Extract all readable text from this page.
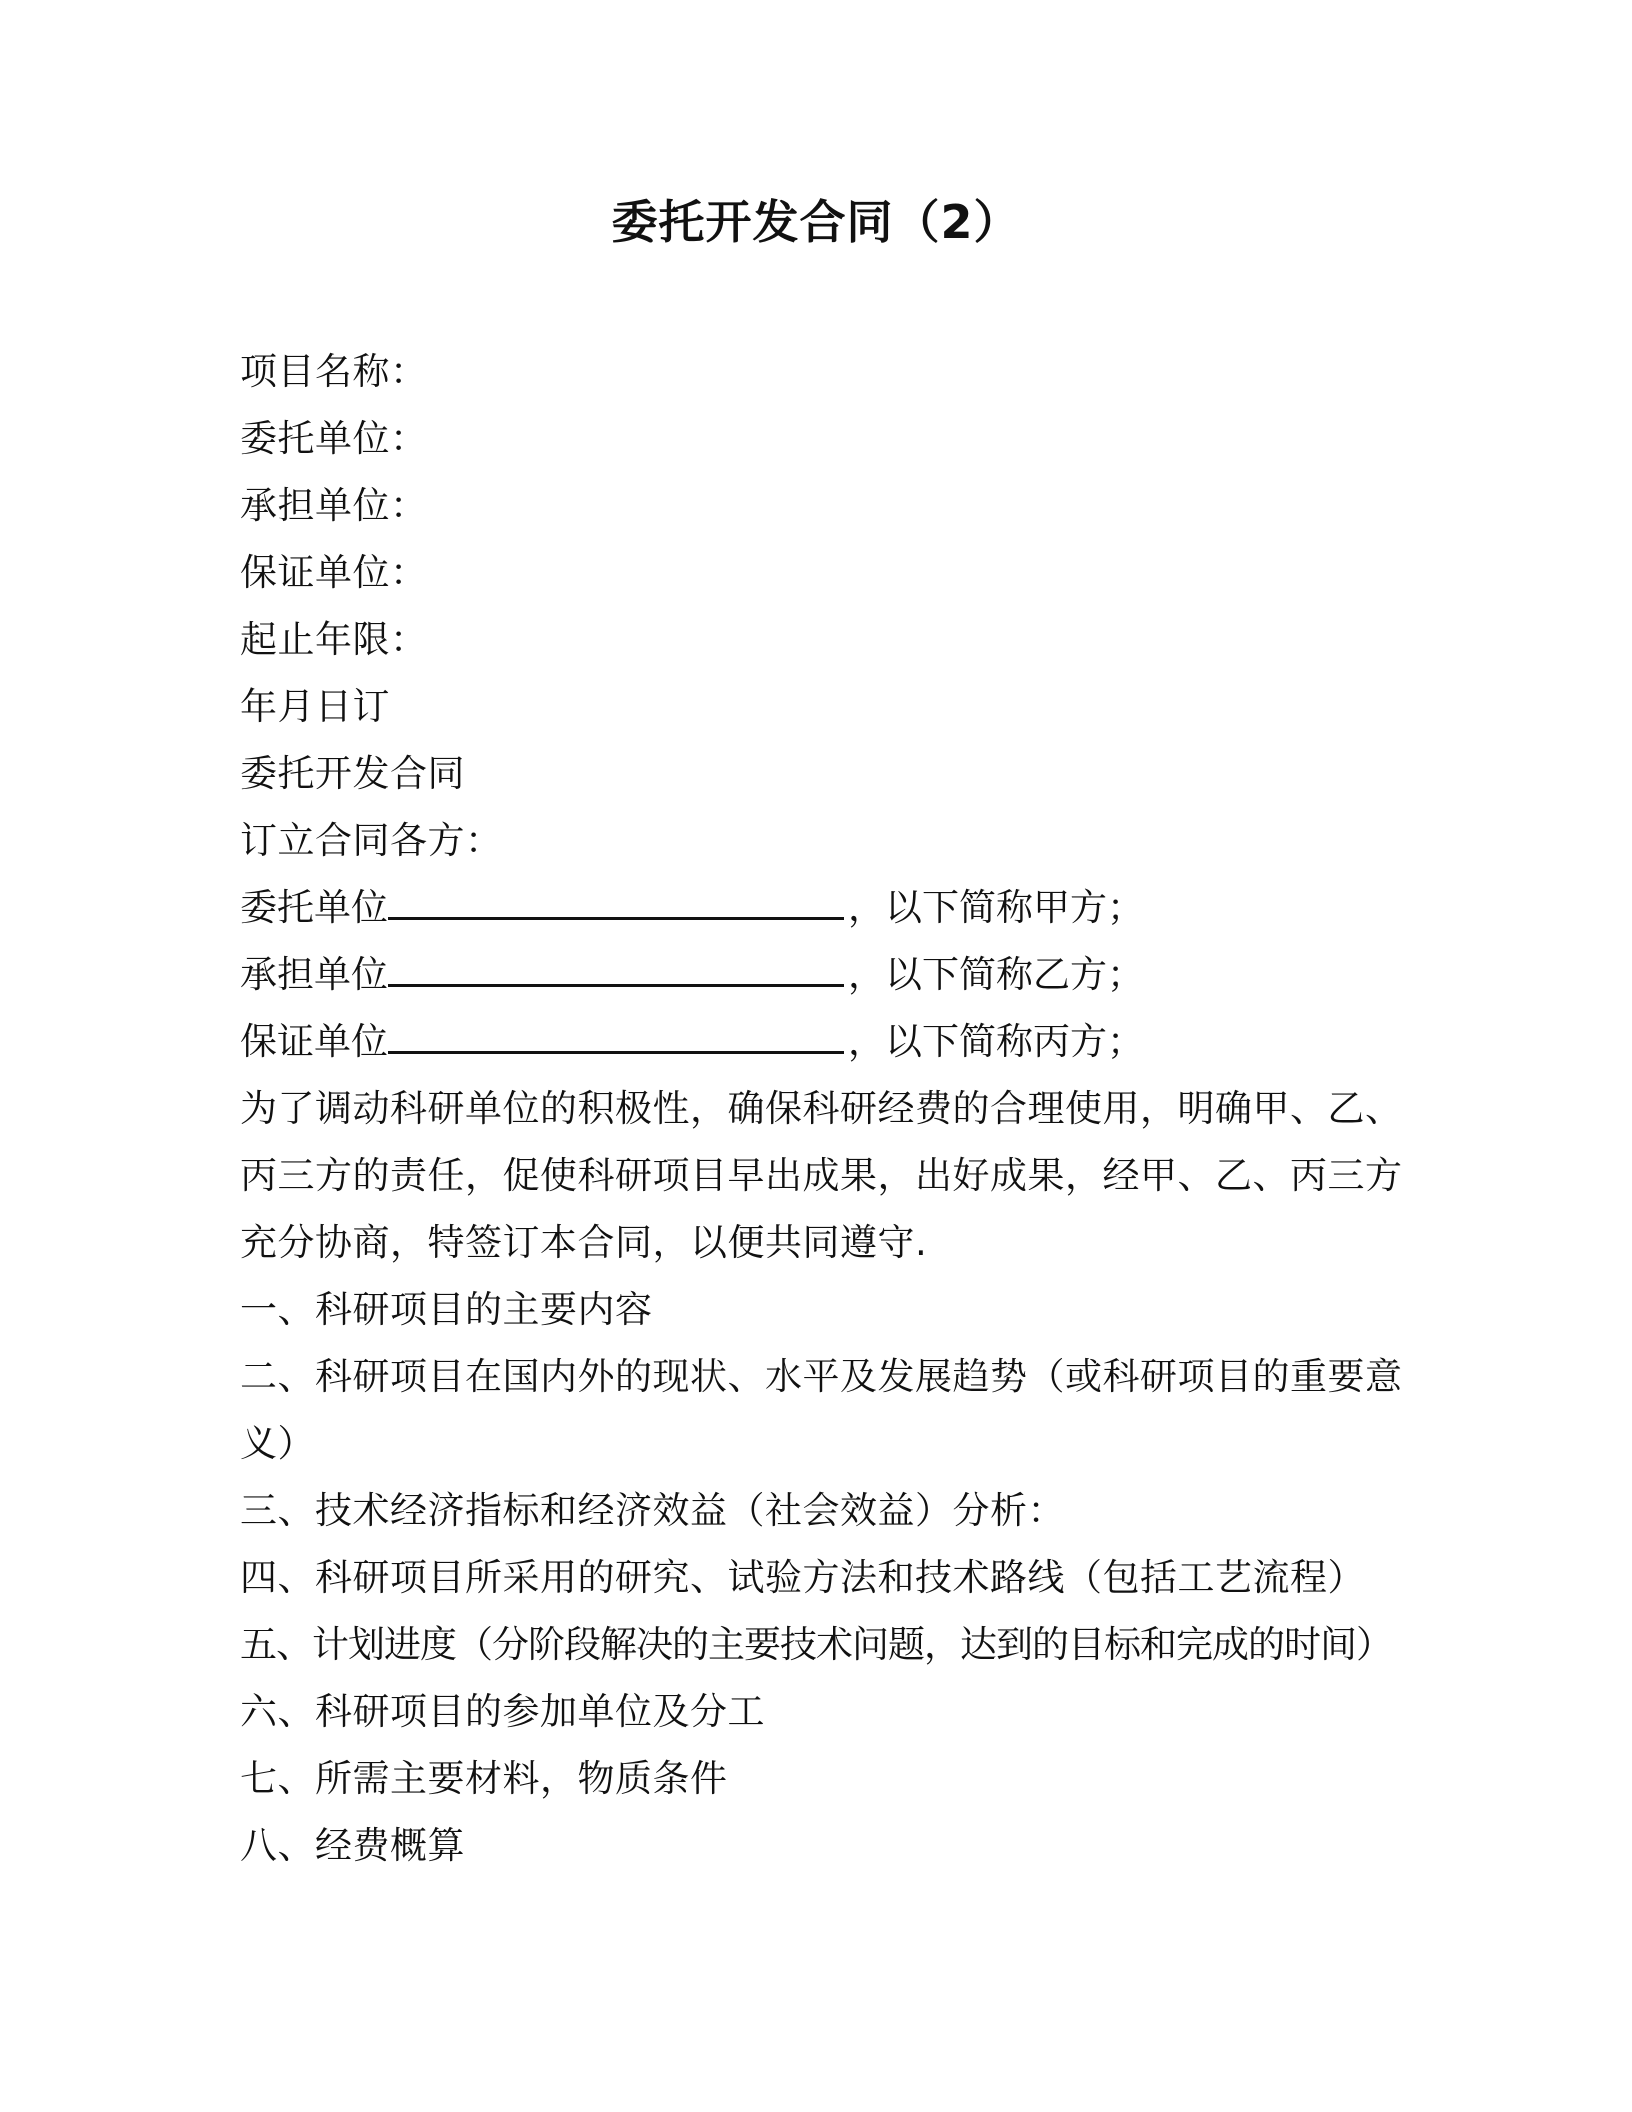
委托开发合同（2）
项目名称：
委托单位：
承担单位：
保证单位：
起止年限：
年月日订
委托开发合同
订立合同各方：
委托单位	，以下简称甲方；
承担单位	，以下简称乙方；
保证单位	，以下简称丙方；
为了调动科研单位的积极性，确保科研经费的合理使用，明确甲、乙、
丙三方的责任，促使科研项目早出成果，出好成果，经甲、乙、丙三方
充分协商，特签订本合同，以便共同遵守.
一、科研项目的主要内容
二、科研项目在国内外的现状、水平及发展趋势（或科研项目的重要意
义）
三、技术经济指标和经济效益（社会效益）分析：
四、科研项目所采用的研究、试验方法和技术路线（包括工艺流程）
五、计划进度（分阶段解决的主要技术问题，达到的目标和完成的时间）
六、科研项目的参加单位及分工
七、所需主要材料，物质条件
八、经费概算
